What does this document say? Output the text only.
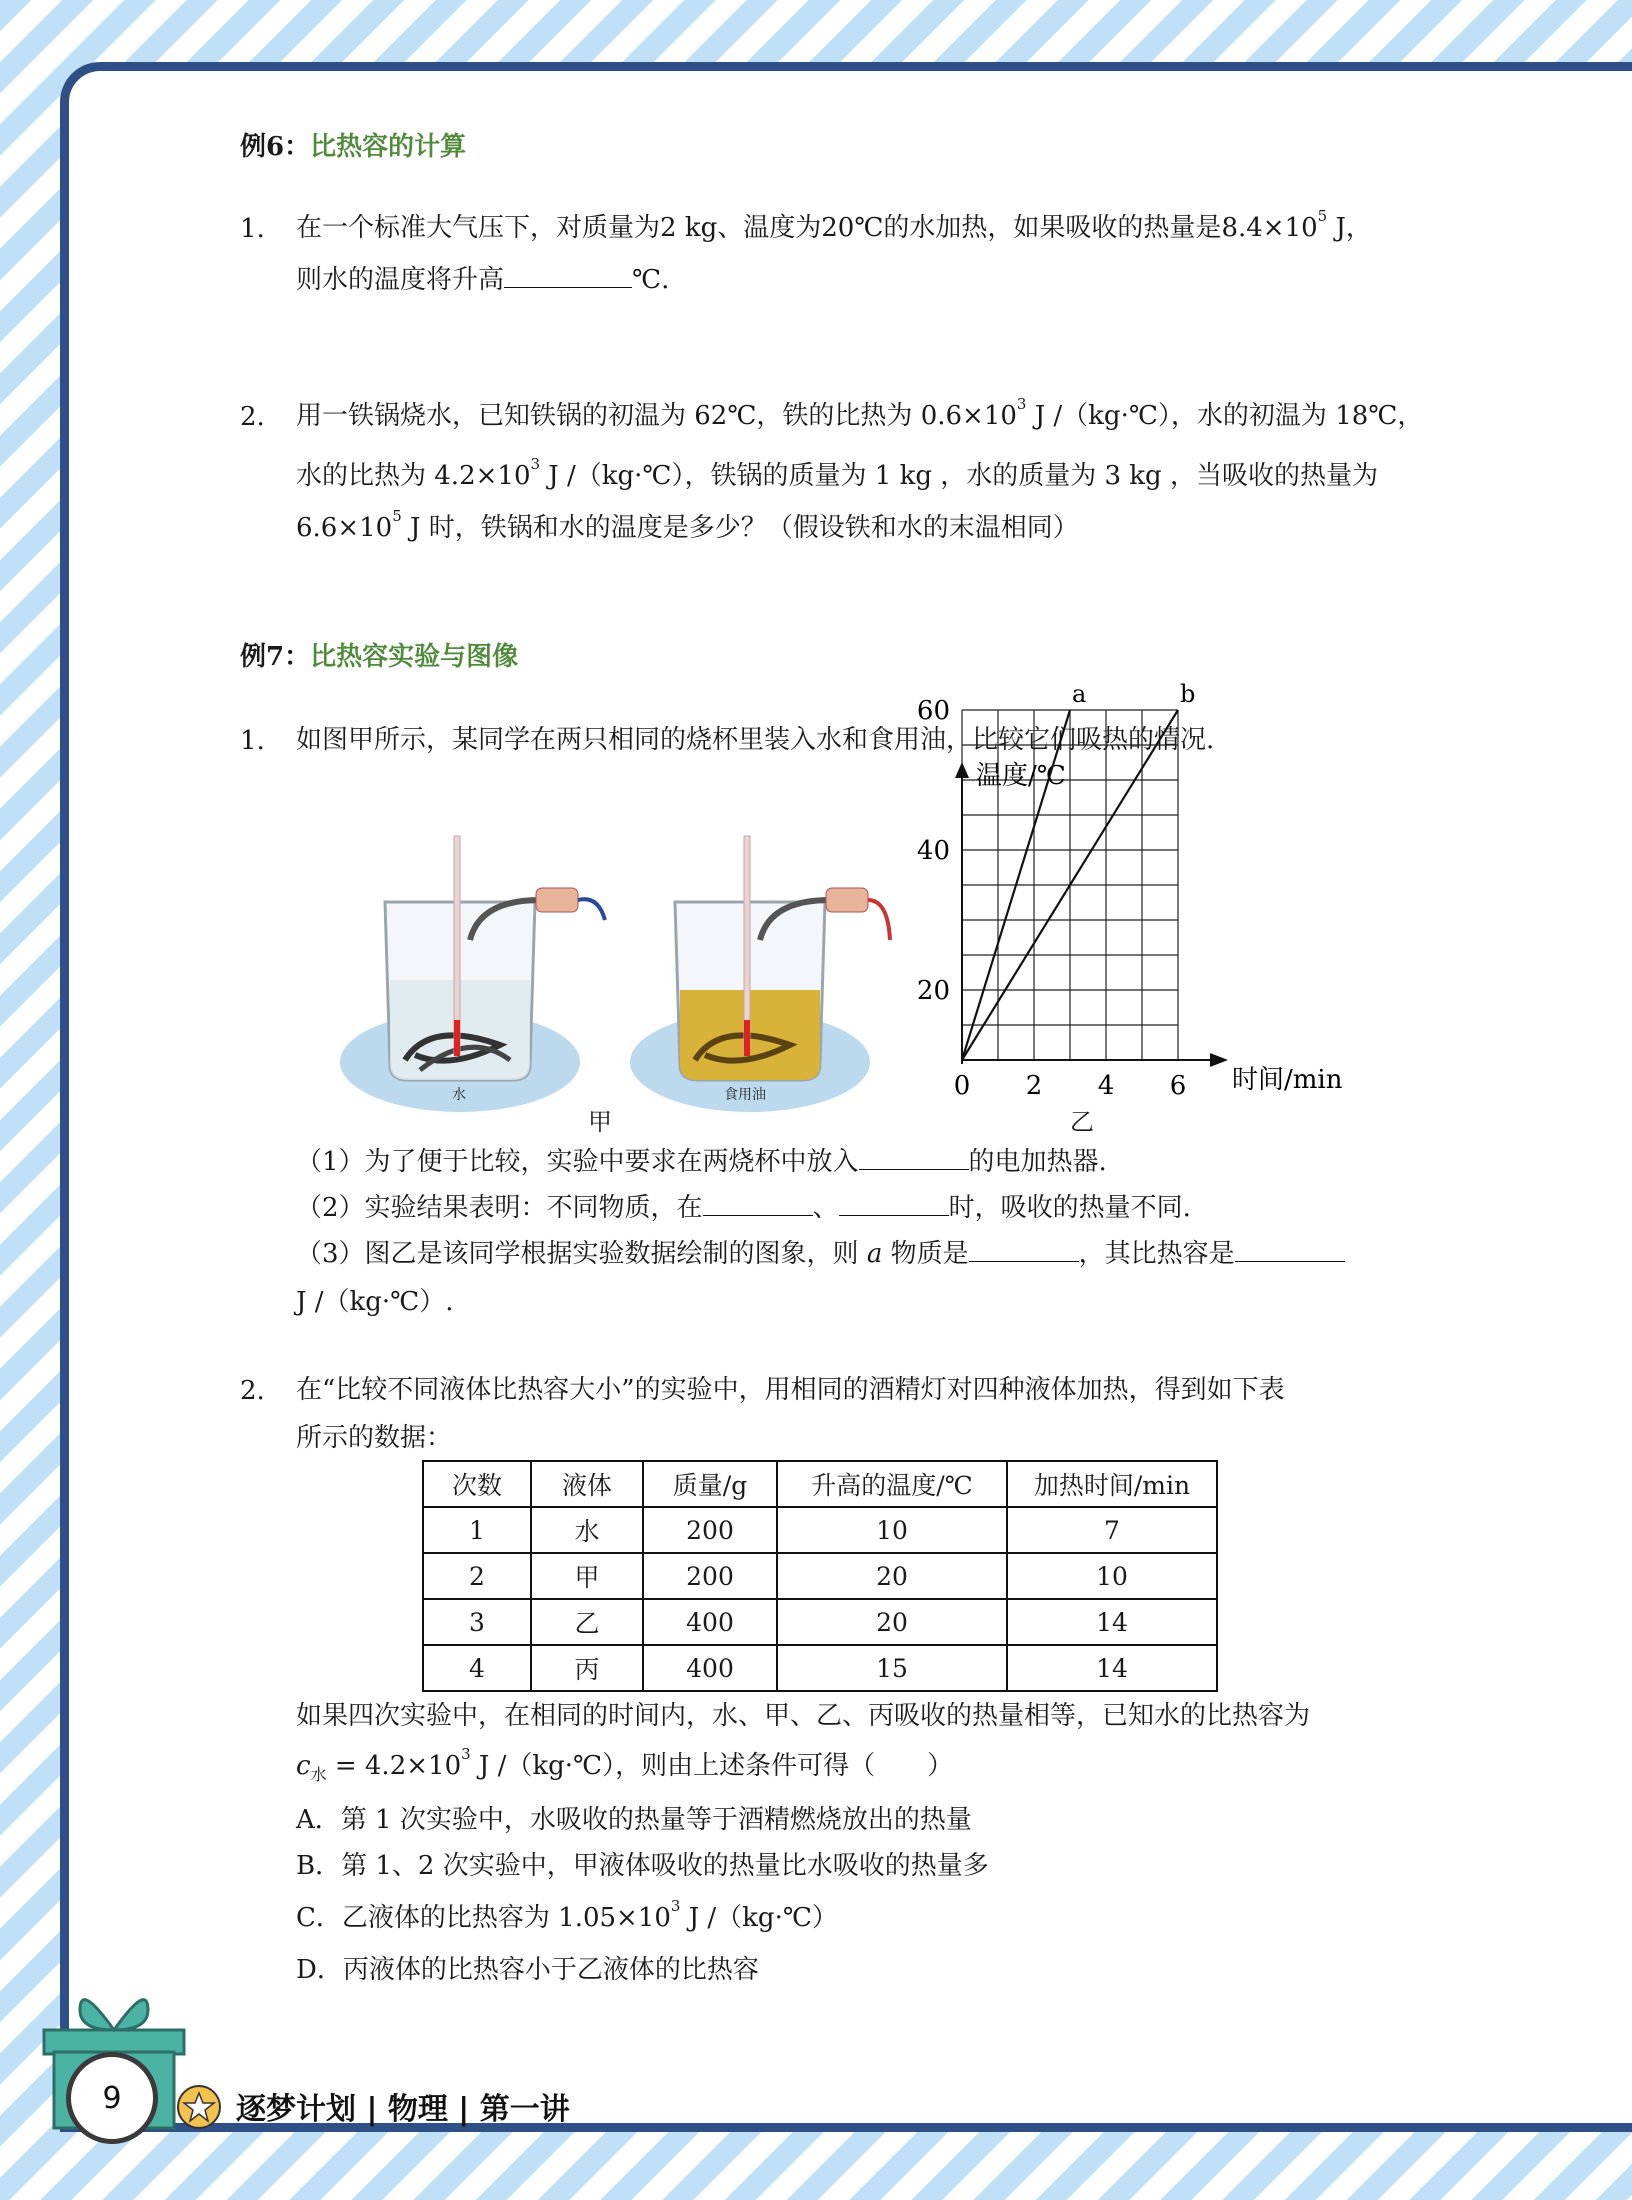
例6：比热容的计算
1. 在一个标准大气压下，对质量为2 kg、温度为20℃的水加热，如果吸收的热量是$8.4\times 10^5$ J，
则水的温度将升高	℃.
2. 用一铁锅烧水，已知铁锅的初温为 62℃，铁的比热为 $0.6\times 10^3$ J /（kg·℃），水的初温为 18℃，
水的比热为 $4.2\times 10^3$ J /（kg·℃），铁锅的质量为 1 kg ，水的质量为 3 kg ，当吸收的热量为
$6.6\times 10^5$ J 时，铁锅和水的温度是多少？（假设铁和水的末温相同）
例7：比热容实验与图像
1. 如图甲所示，某同学在两只相同的烧杯里装入水和食用油，比较它们吸热的情况.
水	食用油
甲
温度/℃
时间/min
a	b
0 2 4 6
20
40
60
乙
（1）为了便于比较，实验中要求在两烧杯中放入	的电加热器.
（2）实验结果表明：不同物质，在	、	时，吸收的热量不同.
（3）图乙是该同学根据实验数据绘制的图象，则 a 物质是	，其比热容是
J /（kg·℃）.
2. 在“比较不同液体比热容大小”的实验中，用相同的酒精灯对四种液体加热，得到如下表
所示的数据：
次数	液体	质量/g	升高的温度/℃	加热时间/min
1	水	200	10	7
2	甲	200	20	10
3	乙	400	20	14
4	丙	400	15	14
如果四次实验中，在相同的时间内，水、甲、乙、丙吸收的热量相等，已知水的比热容为
$c_水 = 4.2\times 10^3$ J /（kg·℃），则由上述条件可得（　　）
A．第 1 次实验中，水吸收的热量等于酒精燃烧放出的热量
B．第 1、2 次实验中，甲液体吸收的热量比水吸收的热量多
C．乙液体的比热容为 $1.05\times 10^3$ J /（kg·℃）
D．丙液体的比热容小于乙液体的比热容
9	逐梦计划 | 物理 | 第一讲
